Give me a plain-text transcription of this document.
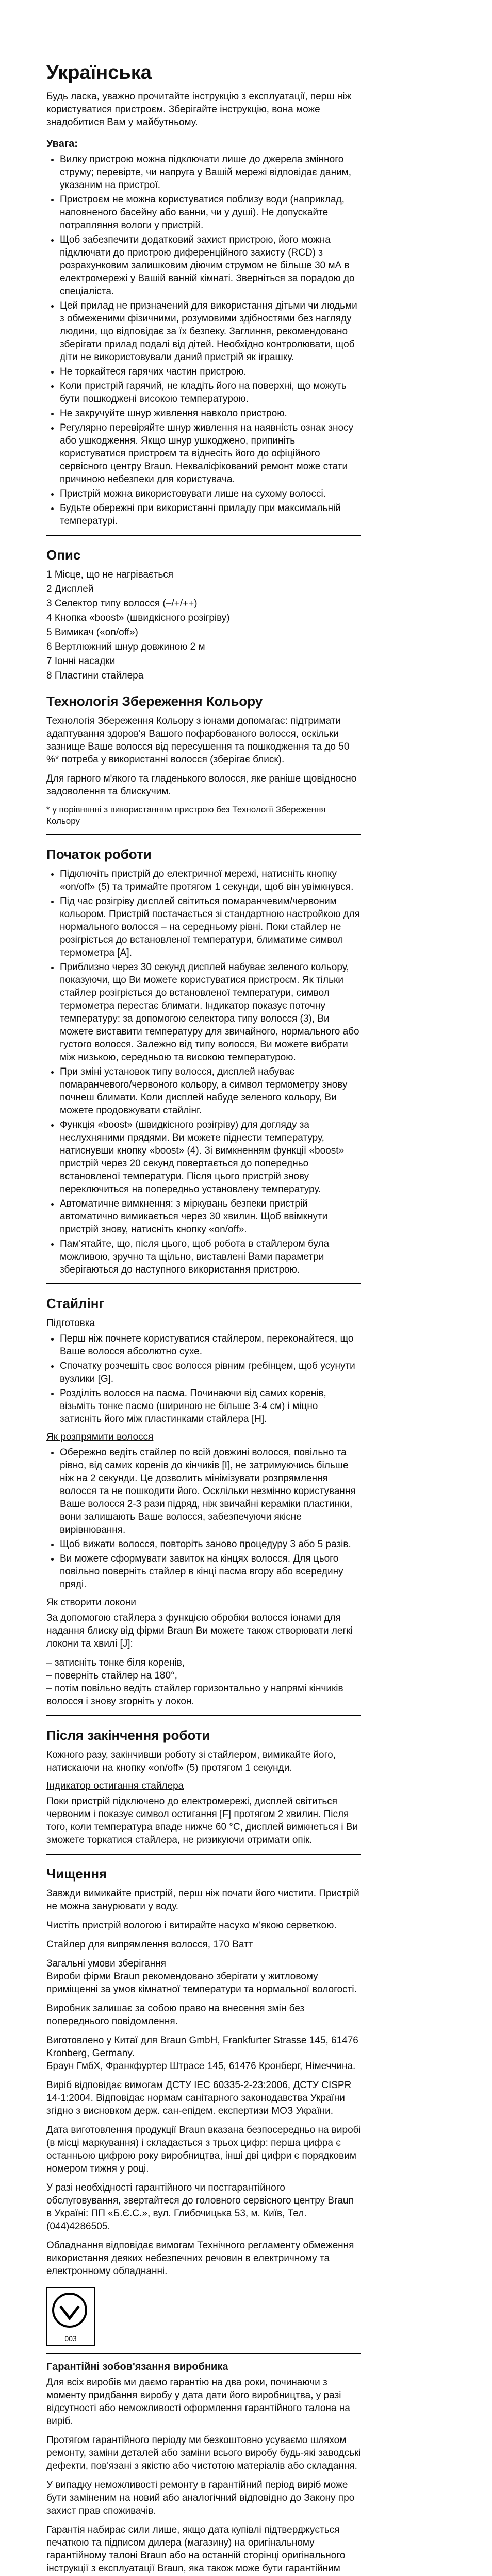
Українська

Будь ласка, уважно прочитайте інструкцію з експлуатації, перш ніж користуватися пристроєм. Зберігайте інструкцію, вона може знадобитися Вам у майбутньому.

Увага:
• Вилку пристрою можна підключати лише до джерела змінного струму; перевірте, чи напруга у Вашій мережі відповідає даним, указаним на пристрої.
• Пристроєм не можна користуватися поблизу води (наприклад, наповненого басейну або ванни, чи у душі). Не допускайте потрапляння вологи у пристрій.
• Щоб забезпечити додатковий захист пристрою, його можна підключати до пристрою диференційного захисту (RCD) з розрахунковим залишковим діючим струмом не більше 30 мА в електромережі у Вашій ванній кімнаті. Зверніться за порадою до спеціаліста.
• Цей прилад не призначений для використання дітьми чи людьми з обмеженими фізичними, розумовими здібностями без нагляду людини, що відповідає за їх безпеку. Заглиння, рекомендовано зберігати прилад подалі від дітей. Необхідно контролювати, щоб діти не використовували даний пристрій як іграшку.
• Не торкайтеся гарячих частин пристрою.
• Коли пристрій гарячий, не кладіть його на поверхні, що можуть бути пошкоджені високою температурою.
• Не закручуйте шнур живлення навколо пристрою.
• Регулярно перевіряйте шнур живлення на наявність ознак зносу або ушкодження. Якщо шнур ушкоджено, припиніть користуватися пристроєм та віднесіть його до офіційного сервісного центру Braun. Некваліфікований ремонт може стати причиною небезпеки для користувача.
• Пристрій можна використовувати лише на сухому волоссі.
• Будьте обережні при використанні приладу при максимальній температурі.
Опис
1 Місце, що не нагрівається
2 Дисплей
3 Селектор типу волосся (–/+/++)
4 Кнопка «boost» (швидкісного розігріву)
5 Вимикач («on/off»)
6 Вертлюжний шнур довжиною 2 м
7 Іонні насадки
8 Пластини стайлера
Технологія Збереження Кольору

Технологія Збереження Кольору з іонами допомагає: підтримати адаптування здоров'я Вашого пофарбованого волосся, оскільки зазнище Ваше волосся від пересушення та пошкодження та до 50 %* потреба у використанні волосся (зберігає блиск).

Для гарного м'якого та гладенького волосся, яке раніше щовідносно задоволення та блискучим.

* у порівнянні з використанням пристрою без Технології Збереження Кольору

Початок роботи
• Підключіть пристрій до електричної мережі, натисніть кнопку «on/off» (5) та тримайте протягом 1 секунди, щоб він увімкнувся.
• Під час розігріву дисплей світиться помаранчевим/червоним кольором. Пристрій постачається зі стандартною настройкою для нормального волосся – на середньому рівні. Поки стайлер не розігріється до встановленої температури, блиматиме символ термометра [A].
• Приблизно через 30 секунд дисплей набуває зеленого кольору, показуючи, що Ви можете користуватися пристроєм. Як тільки стайлер розігріється до встановленої температури, символ термометра перестає блимати. Індикатор показує поточну температуру: за допомогою селектора типу волосся (3), Ви можете виставити температуру для звичайного, нормального або густого волосся. Залежно від типу волосся, Ви можете вибрати між низькою, середньою та високою температурою.
• При зміні установок типу волосся, дисплей набуває помаранчевого/червоного кольору, а символ термометру знову почнеш блимати. Коли дисплей набуде зеленого кольору, Ви можете продовжувати стайлінг.
• Функція «boost» (швидкісного розігріву) для догляду за неслухняними прядями. Ви можете піднести температуру, натиснувши кнопку «boost» (4). Зі вимкненням функції «boost» пристрій через 20 секунд повертається до попередньо встановленої температури. Після цього пристрій знову переключиться на попередньо установлену температуру.
• Автоматичне вимкнення: з міркувань безпеки пристрій автоматично вимикається через 30 хвилин. Щоб ввімкнути пристрій знову, натисніть кнопку «on/off».
• Пам'ятайте, що, після цього, щоб робота в стайлером була можливою, зручно та щільно, виставлені Вами параметри зберігаються до наступного використання пристрою.
Стайлінг
Підготовка
• Перш ніж почнете користуватися стайлером, переконайтеся, що Ваше волосся абсолютно сухе.
• Спочатку розчешіть своє волосся рівним гребінцем, щоб усунути вузлики [G].
• Розділіть волосся на пасма. Починаючи від самих коренів, візьміть тонке пасмо (шириною не більше 3-4 см) і міцно затисніть його між пластинками стайлера [H].
Як розпрямити волосся
• Обережно ведіть стайлер по всій довжині волосся, повільно та рівно, від самих коренів до кінчиків [I], не затримуючись більше ніж на 2 секунди. Це дозволить мінімізувати розпрямлення волосся та не пошкодити його. Осклільки незмінно користування Ваше волосся 2-3 рази підряд, ніж звичайні кераміки пластинки, вони залишають Ваше волосся, забезпечуючи якісне вирівнювання.
• Щоб вижати волосся, повторіть заново процедуру 3 або 5 разів.
• Ви можете сформувати завиток на кінцях волосся. Для цього повільно поверніть стайлер в кінці пасма вгору або всередину пряді.
Як створити локони

За допомогою стайлера з функцією обробки волосся іонами для надання блиску від фірми Braun Ви можете також створювати легкі локони та хвилі [J]:

– затисніть тонке біля коренів,

– поверніть стайлер на 180°,

– потім повільно ведіть стайлер горизонтально у напрямі кінчиків волосся і знову згорніть у локон.

Після закінчення роботи

Кожного разу, закінчивши роботу зі стайлером, вимикайте його, натискаючи на кнопку «on/off» (5) протягом 1 секунди.

Індикатор остигання стайлера

Поки пристрій підключено до електромережі, дисплей світиться червоним і показує символ остигання [F] протягом 2 хвилин. Після того, коли температура впаде нижче 60 °C, дисплей вимкнеться і Ви зможете торкатися стайлера, не ризикуючи отримати опік.

Чищення

Завжди вимикайте пристрій, перш ніж почати його чистити. Пристрій не можна занурювати у воду.

Чистіть пристрій вологою і витирайте насухо м'якою серветкою.

Стайлер для випрямлення волосся, 170 Ватт

Загальні умови зберігання
Вироби фірми Braun рекомендовано зберігати у житловому приміщенні за умов кімнатної температури та нормальної вологості.

Виробник залишає за собою право на внесення змін без попереднього повідомлення.

Виготовлено у Китаї для Braun GmbH, Frankfurter Strasse 145, 61476 Kronberg, Germany.
Браун ГмбХ, Франкфуртер Штрасе 145, 61476 Кронберг, Німеччина.

Виріб відповідає вимогам ДСТУ IEC 60335-2-23:2006, ДСТУ CISPR 14-1:2004. Відповідає нормам санітарного законодавства України згідно з висновком держ. сан-епідем. експертизи МОЗ України.

Дата виготовлення продукції Braun вказана безпосередньо на виробі (в місці маркування) і складається з трьох цифр: перша цифра є останньою цифрою року виробництва, інші дві цифри є порядковим номером тижня у році.

У разі необхідності гарантійного чи постгарантійного обслуговування, звертайтеся до головного сервісного центру Braun в Україні: ПП «Б.Є.С.», вул. Глибочицька 53, м. Київ, Тел. (044)4286505.

Обладнання відповідає вимогам Технічного регламенту обмеження використання деяких небезпечних речовин в електричному та електронному обладнанні.

003
Гарантійні зобов'язання виробника

Для всіх виробів ми даємо гарантію на два роки, починаючи з моменту придбання виробу у дата дати його виробництва, у разі відсутності або неможливості оформлення гарантійного талона на виріб.

Протягом гарантійного періоду ми безкоштовно усуваємо шляхом ремонту, заміни деталей або заміни всього виробу будь-які заводські дефекти, пов'язані з якістю або чистотою матеріалів або складання.

У випадку неможливості ремонту в гарантійний період виріб може бути заміненим на новий або аналогічний відповідно до Закону про захист прав споживачів.

Гарантія набирає сили лише, якщо дата купівлі підтверджується печаткою та підписом дилера (магазину) на оригінальному гарантійному талоні Braun або на останній сторінці оригінального інструкції з експлуатації Braun, яка також може бути гарантійним
